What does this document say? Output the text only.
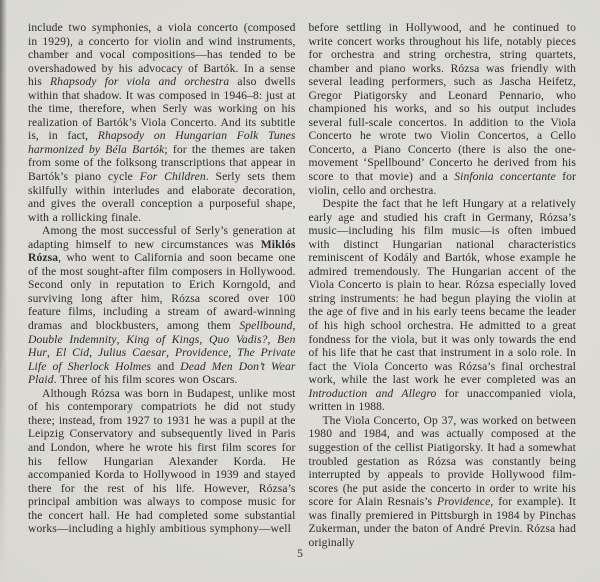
include two symphonies, a viola concerto (composed in 1929), a concerto for violin and wind instruments, chamber and vocal compositions—has tended to be overshadowed by his advocacy of Bartók. In a sense his Rhapsody for viola and orchestra also dwells within that shadow. It was composed in 1946–8: just at the time, therefore, when Serly was working on his realization of Bartók’s Viola Concerto. And its subtitle is, in fact, Rhapsody on Hungarian Folk Tunes harmonized by Béla Bartók; for the themes are taken from some of the folksong transcriptions that appear in Bartók’s piano cycle For Children. Serly sets them skilfully within interludes and elaborate decoration, and gives the overall conception a purposeful shape, with a rollicking finale.

Among the most successful of Serly’s generation at adapting himself to new circumstances was Miklós Rózsa, who went to California and soon became one of the most sought-after film composers in Hollywood. Second only in reputation to Erich Korngold, and surviving long after him, Rózsa scored over 100 feature films, including a stream of award-winning dramas and blockbusters, among them Spellbound, Double Indemnity, King of Kings, Quo Vadis?, Ben Hur, El Cid, Julius Caesar, Providence, The Private Life of Sherlock Holmes and Dead Men Don’t Wear Plaid. Three of his film scores won Oscars.

Although Rózsa was born in Budapest, unlike most of his contemporary compatriots he did not study there; instead, from 1927 to 1931 he was a pupil at the Leipzig Conservatory and subsequently lived in Paris and London, where he wrote his first film scores for his fellow Hungarian Alexander Korda. He accompanied Korda to Hollywood in 1939 and stayed there for the rest of his life. However, Rózsa’s principal ambition was always to compose music for the concert hall. He had completed some substantial works—including a highly ambitious symphony—well

before settling in Hollywood, and he continued to write concert works throughout his life, notably pieces for orchestra and string orchestra, string quartets, chamber and piano works. Rózsa was friendly with several leading performers, such as Jascha Heifetz, Gregor Piatigorsky and Leonard Pennario, who championed his works, and so his output includes several full-scale concertos. In addition to the Viola Concerto he wrote two Violin Concertos, a Cello Concerto, a Piano Concerto (there is also the one-movement ‘Spellbound’ Concerto he derived from his score to that movie) and a Sinfonia concertante for violin, cello and orchestra.

Despite the fact that he left Hungary at a relatively early age and studied his craft in Germany, Rózsa’s music—including his film music—is often imbued with distinct Hungarian national characteristics reminiscent of Kodály and Bartók, whose example he admired tremendously. The Hungarian accent of the Viola Concerto is plain to hear. Rózsa especially loved string instruments: he had begun playing the violin at the age of five and in his early teens became the leader of his high school orchestra. He admitted to a great fondness for the viola, but it was only towards the end of his life that he cast that instrument in a solo role. In fact the Viola Concerto was Rózsa’s final orchestral work, while the last work he ever completed was an Introduction and Allegro for unaccompanied viola, written in 1988.

The Viola Concerto, Op 37, was worked on between 1980 and 1984, and was actually composed at the suggestion of the cellist Piatigorsky. It had a somewhat troubled gestation as Rózsa was constantly being interrupted by appeals to provide Hollywood film-scores (he put aside the concerto in order to write his score for Alain Resnais’s Providence, for example). It was finally premiered in Pittsburgh in 1984 by Pinchas Zukerman, under the baton of André Previn. Rózsa had originally

5
